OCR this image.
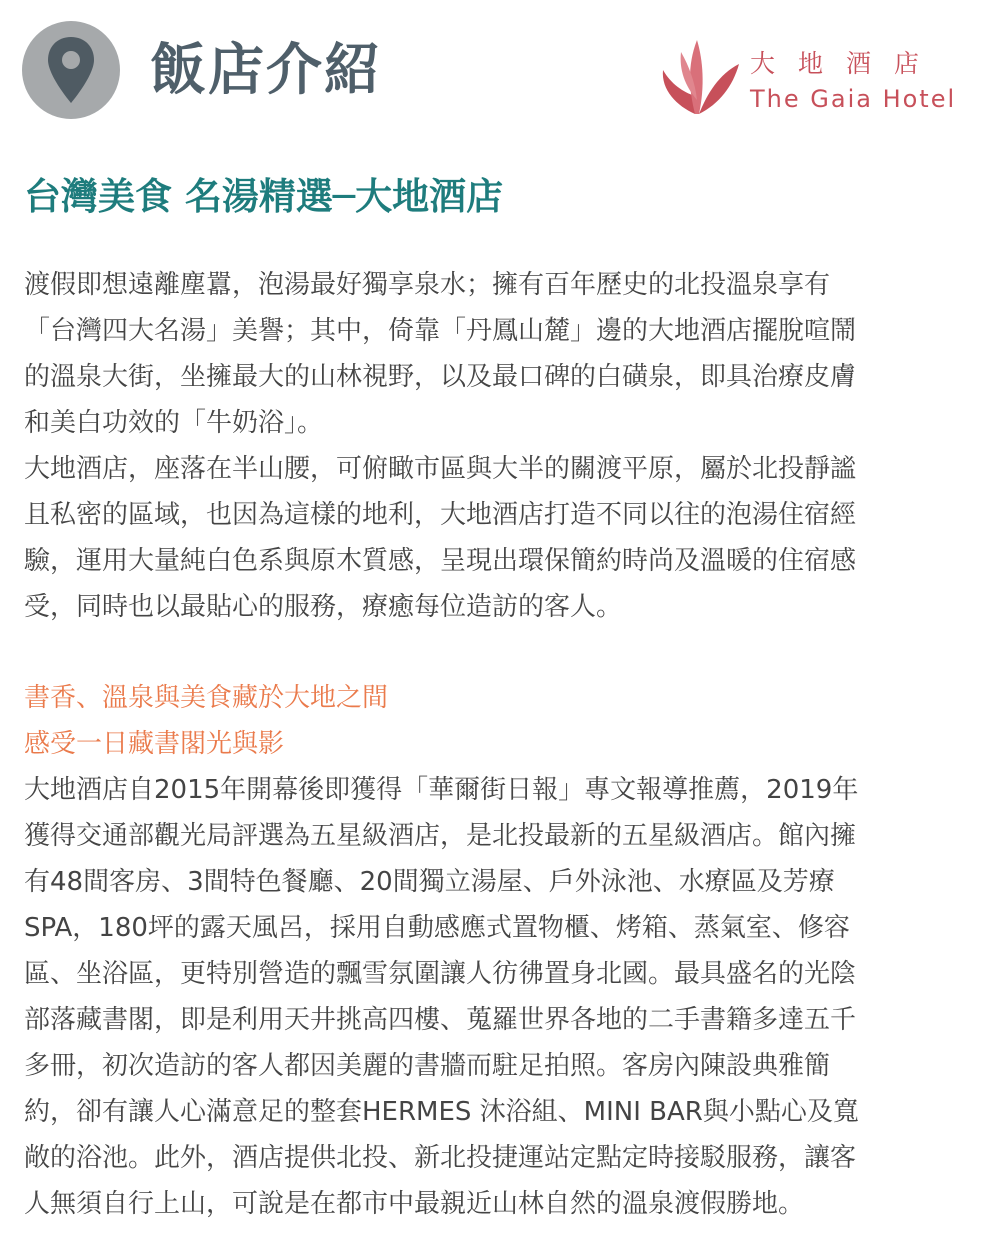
飯店介紹	大地酒店
The Gaia Hotel
台灣美食 名湯精選─大地酒店
渡假即想遠離塵囂，泡湯最好獨享泉水；擁有百年歷史的北投溫泉享有
「台灣四大名湯」美譽；其中，倚靠「丹鳳山麓」邊的大地酒店擺脫喧鬧
的溫泉大街，坐擁最大的山林視野，以及最口碑的白磺泉，即具治療皮膚
和美白功效的「牛奶浴」。
大地酒店，座落在半山腰，可俯瞰市區與大半的關渡平原，屬於北投靜謐
且私密的區域，也因為這樣的地利，大地酒店打造不同以往的泡湯住宿經
驗，運用大量純白色系與原木質感，呈現出環保簡約時尚及溫暖的住宿感
受，同時也以最貼心的服務，療癒每位造訪的客人。
書香、溫泉與美食藏於大地之間
感受一日藏書閣光與影
大地酒店自2015年開幕後即獲得「華爾街日報」專文報導推薦，2019年
獲得交通部觀光局評選為五星級酒店，是北投最新的五星級酒店。館內擁
有48間客房、3間特色餐廳、20間獨立湯屋、戶外泳池、水療區及芳療
SPA，180坪的露天風呂，採用自動感應式置物櫃、烤箱、蒸氣室、修容
區、坐浴區，更特別營造的飄雪氛圍讓人彷彿置身北國。最具盛名的光陰
部落藏書閣，即是利用天井挑高四樓、蒐羅世界各地的二手書籍多達五千
多冊，初次造訪的客人都因美麗的書牆而駐足拍照。客房內陳設典雅簡
約，卻有讓人心滿意足的整套HERMES 沐浴組、MINI BAR與小點心及寬
敞的浴池。此外，酒店提供北投、新北投捷運站定點定時接駁服務，讓客
人無須自行上山，可說是在都市中最親近山林自然的溫泉渡假勝地。
